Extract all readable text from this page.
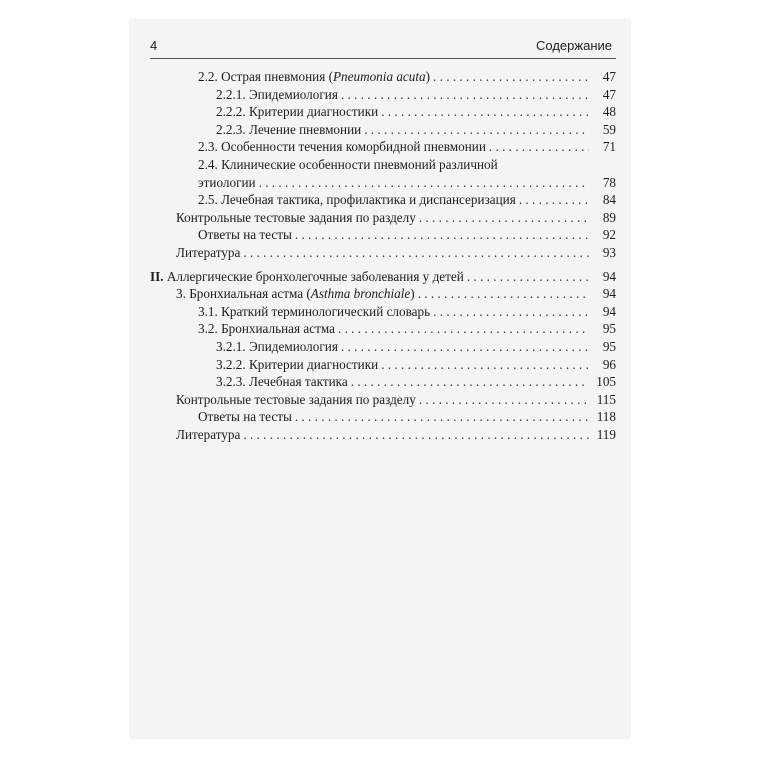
4	Содержание
2.2. Острая пневмония (Pneumonia acuta) . . .	47
2.2.1. Эпидемиология . . .	47
2.2.2. Критерии диагностики . . .	48
2.2.3. Лечение пневмонии . . .	59
2.3. Особенности течения коморбидной пневмонии . . .	71
2.4. Клинические особенности пневмоний различной
этиологии . . .	78
2.5. Лечебная тактика, профилактика и диспансеризация . . .	84
Контрольные тестовые задания по разделу . . .	89
Ответы на тесты . . .	92
Литература . . .	93
II. Аллергические бронхолегочные заболевания у детей . . .	94
3. Бронхиальная астма (Asthma bronchiale) . . .	94
3.1. Краткий терминологический словарь . . .	94
3.2. Бронхиальная астма . . .	95
3.2.1. Эпидемиология . . .	95
3.2.2. Критерии диагностики . . .	96
3.2.3. Лечебная тактика . . .	105
Контрольные тестовые задания по разделу . . .	115
Ответы на тесты . . .	118
Литература . . .	119
